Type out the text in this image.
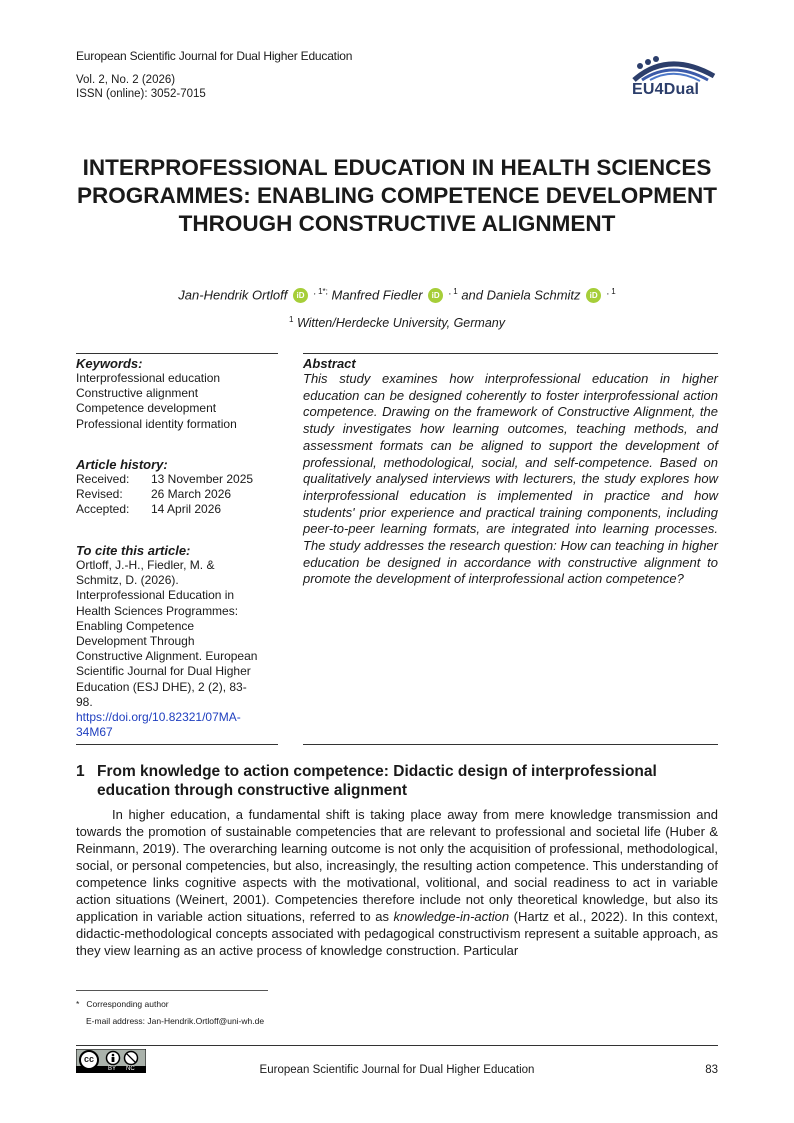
European Scientific Journal for Dual Higher Education
Vol. 2, No. 2 (2026)
ISSN (online): 3052-7015	EU4Dual
INTERPROFESSIONAL EDUCATION IN HEALTH SCIENCES PROGRAMMES: ENABLING COMPETENCE DEVELOPMENT THROUGH CONSTRUCTIVE ALIGNMENT
Jan-Hendrik Ortloff iD $^{, 1*;}$ Manfred Fiedler iD $^{, 1}$ and Daniela Schmitz iD $^{, 1}$
$^1$ Witten/Herdecke University, Germany
Keywords:

Interprofessional education

Constructive alignment

Competence development

Professional identity formation

Article history:
Received:	13 November 2025
Revised:	26 March 2026
Accepted:	14 April 2026
To cite this article:

Ortloff, J.-H., Fiedler, M. &

Schmitz, D. (2026).

Interprofessional Education in

Health Sciences Programmes:

Enabling Competence

Development Through

Constructive Alignment. European

Scientific Journal for Dual Higher

Education (ESJ DHE), 2 (2), 83-

98.

https://doi.org/10.82321/07MA-

34M67

Abstract

This study examines how interprofessional education in higher education can be designed coherently to foster interprofessional action competence. Drawing on the framework of Constructive Alignment, the study investigates how learning outcomes, teaching methods, and assessment formats can be aligned to support the development of professional, methodological, social, and self-competence. Based on qualitatively analysed interviews with lecturers, the study explores how interprofessional education is implemented in practice and how students' prior experience and practical training components, including peer-to-peer learning formats, are integrated into learning processes. The study addresses the research question: How can teaching in higher education be designed in accordance with constructive alignment to promote the development of interprofessional action competence?

1 From knowledge to action competence: Didactic design of interprofessional education through constructive alignment

In higher education, a fundamental shift is taking place away from mere knowledge transmission and towards the promotion of sustainable competencies that are relevant to professional and societal life (Huber & Reinmann, 2019). The overarching learning outcome is not only the acquisition of professional, methodological, social, or personal competencies, but also, increasingly, the resulting action competence. This understanding of competence links cognitive aspects with the motivational, volitional, and social readiness to act in variable action situations (Weinert, 2001). Competencies therefore include not only theoretical knowledge, but also its application in variable action situations, referred to as knowledge-in-action (Hartz et al., 2022). In this context, didactic-methodological concepts associated with pedagogical constructivism represent a suitable approach, as they view learning as an active process of knowledge construction. Particular

* Corresponding author
E-mail address: Jan-Hendrik.Ortloff@uni-wh.de
cc
BY NC	European Scientific Journal for Dual Higher Education	83
